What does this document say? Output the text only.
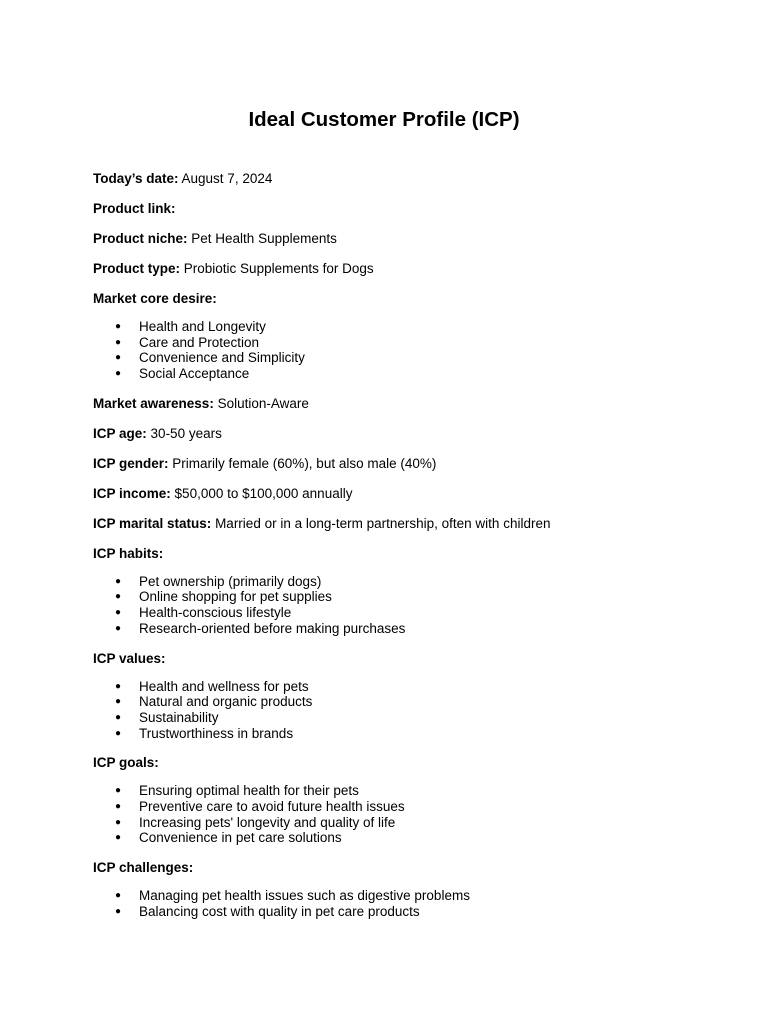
Ideal Customer Profile (ICP)

Today’s date: August 7, 2024

Product link:

Product niche: Pet Health Supplements

Product type: Probiotic Supplements for Dogs

Market core desire:

● Health and Longevity
● Care and Protection
● Convenience and Simplicity
● Social Acceptance

Market awareness: Solution-Aware

ICP age: 30-50 years

ICP gender: Primarily female (60%), but also male (40%)

ICP income: $50,000 to $100,000 annually

ICP marital status: Married or in a long-term partnership, often with children

ICP habits:

● Pet ownership (primarily dogs)
● Online shopping for pet supplies
● Health-conscious lifestyle
● Research-oriented before making purchases

ICP values:

● Health and wellness for pets
● Natural and organic products
● Sustainability
● Trustworthiness in brands

ICP goals:

● Ensuring optimal health for their pets
● Preventive care to avoid future health issues
● Increasing pets' longevity and quality of life
● Convenience in pet care solutions

ICP challenges:

● Managing pet health issues such as digestive problems
● Balancing cost with quality in pet care products
